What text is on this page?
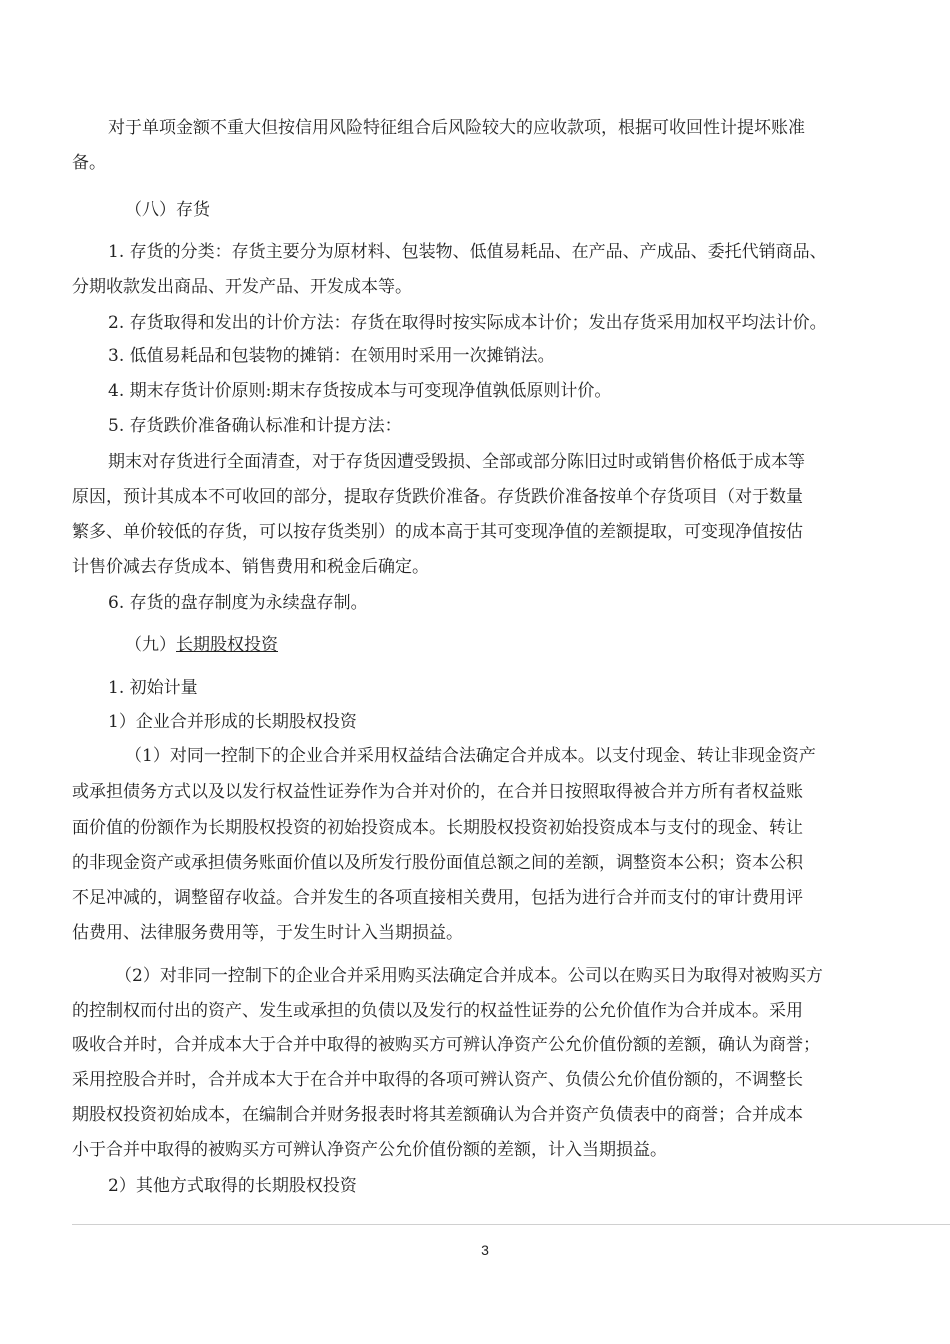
对于单项金额不重大但按信用风险特征组合后风险较大的应收款项，根据可收回性计提坏账准
备。
（八）存货
1. 存货的分类：存货主要分为原材料、包装物、低值易耗品、在产品、产成品、委托代销商品、
分期收款发出商品、开发产品、开发成本等。
2. 存货取得和发出的计价方法：存货在取得时按实际成本计价；发出存货采用加权平均法计价。
3. 低值易耗品和包装物的摊销：在领用时采用一次摊销法。
4. 期末存货计价原则:期末存货按成本与可变现净值孰低原则计价。
5. 存货跌价准备确认标准和计提方法：
期末对存货进行全面清查，对于存货因遭受毁损、全部或部分陈旧过时或销售价格低于成本等
原因，预计其成本不可收回的部分，提取存货跌价准备。存货跌价准备按单个存货项目（对于数量
繁多、单价较低的存货，可以按存货类别）的成本高于其可变现净值的差额提取，可变现净值按估
计售价减去存货成本、销售费用和税金后确定。
6. 存货的盘存制度为永续盘存制。
（九）长期股权投资
1. 初始计量
1）企业合并形成的长期股权投资
（1）对同一控制下的企业合并采用权益结合法确定合并成本。以支付现金、转让非现金资产
或承担债务方式以及以发行权益性证券作为合并对价的，在合并日按照取得被合并方所有者权益账
面价值的份额作为长期股权投资的初始投资成本。长期股权投资初始投资成本与支付的现金、转让
的非现金资产或承担债务账面价值以及所发行股份面值总额之间的差额，调整资本公积；资本公积
不足冲减的，调整留存收益。合并发生的各项直接相关费用，包括为进行合并而支付的审计费用评
估费用、法律服务费用等，于发生时计入当期损益。
（2）对非同一控制下的企业合并采用购买法确定合并成本。公司以在购买日为取得对被购买方
的控制权而付出的资产、发生或承担的负债以及发行的权益性证券的公允价值作为合并成本。采用
吸收合并时，合并成本大于合并中取得的被购买方可辨认净资产公允价值份额的差额，确认为商誉；
采用控股合并时，合并成本大于在合并中取得的各项可辨认资产、负债公允价值份额的，不调整长
期股权投资初始成本，在编制合并财务报表时将其差额确认为合并资产负债表中的商誉；合并成本
小于合并中取得的被购买方可辨认净资产公允价值份额的差额，计入当期损益。
2）其他方式取得的长期股权投资
3
